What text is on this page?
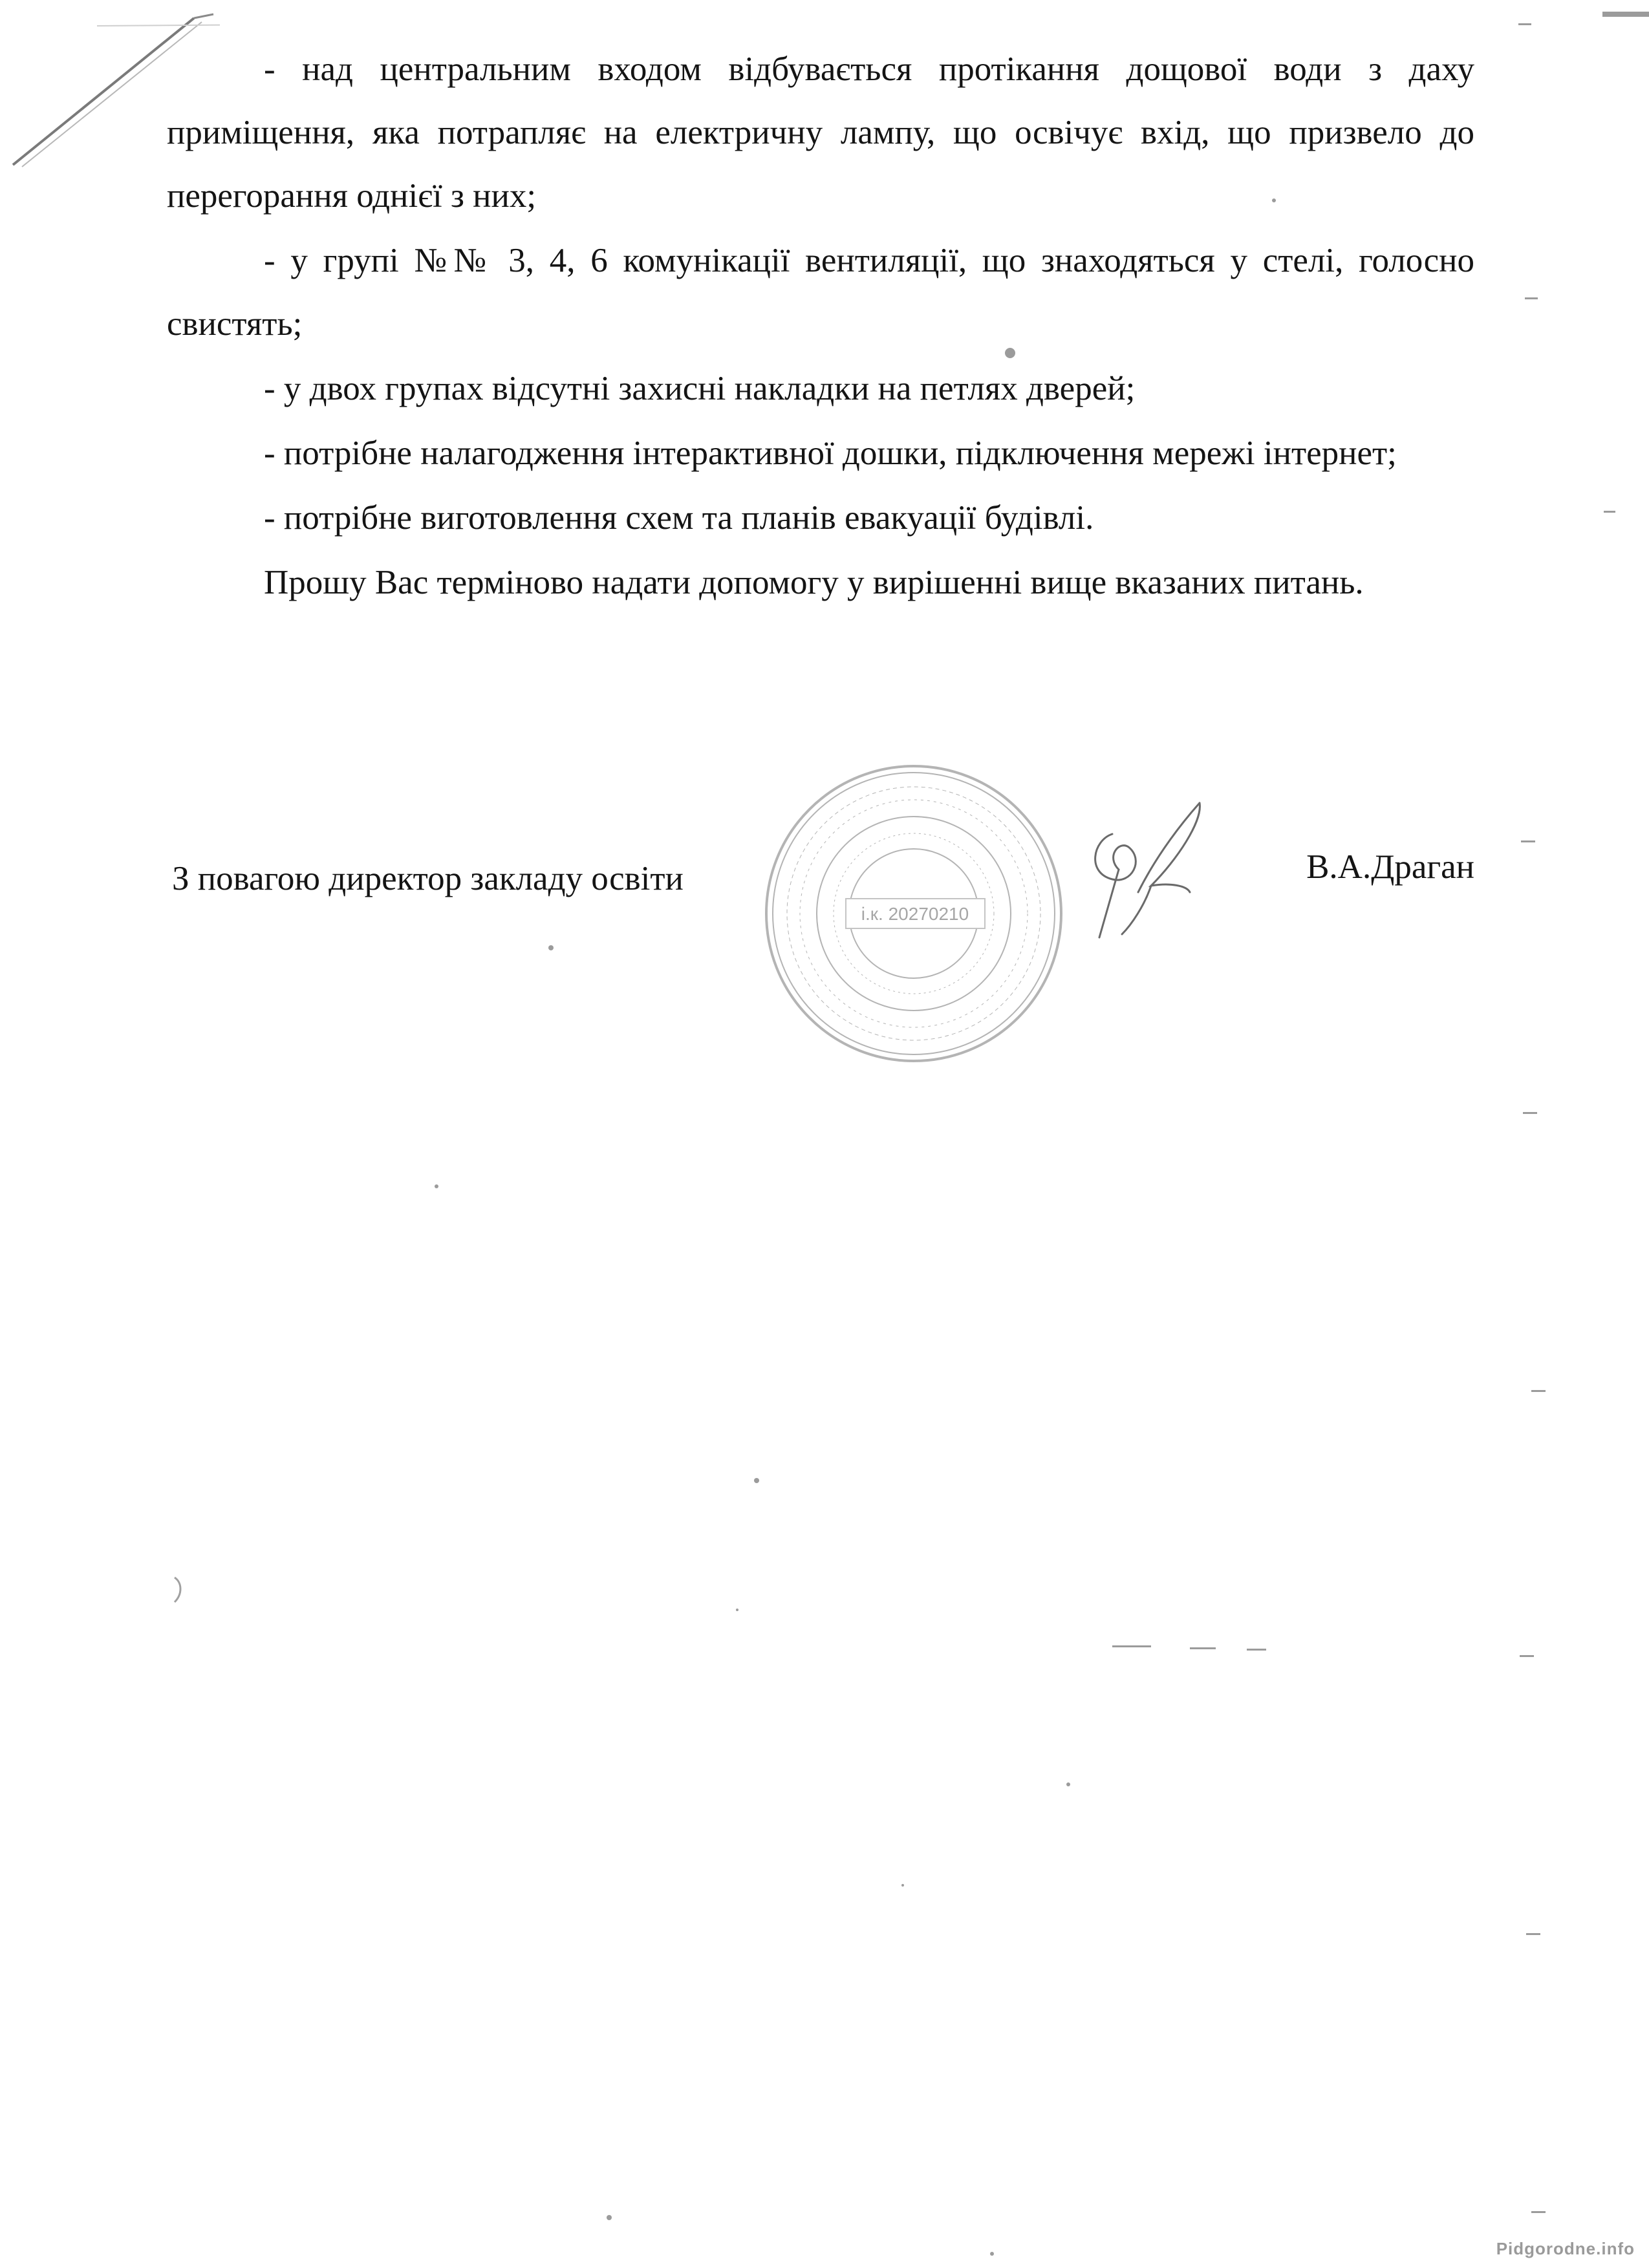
- над центральним входом відбувається протікання дощової води з даху приміщення, яка потрапляє на електричну лампу, що освічує вхід, що призвело до перегорання однієї з них;

- у групі №№ 3, 4, 6 комунікації вентиляції, що знаходяться у стелі, голосно свистять;

- у двох групах відсутні захисні накладки на петлях дверей;

- потрібне налагодження інтерактивної дошки, підключення мережі інтернет;

- потрібне виготовлення схем та планів евакуації будівлі.

Прошу Вас терміново надати допомогу у вирішенні вище вказаних питань.

З повагою директор закладу освіти	В.А.Драган
і.к. 20270210
Pidgorodne.info
